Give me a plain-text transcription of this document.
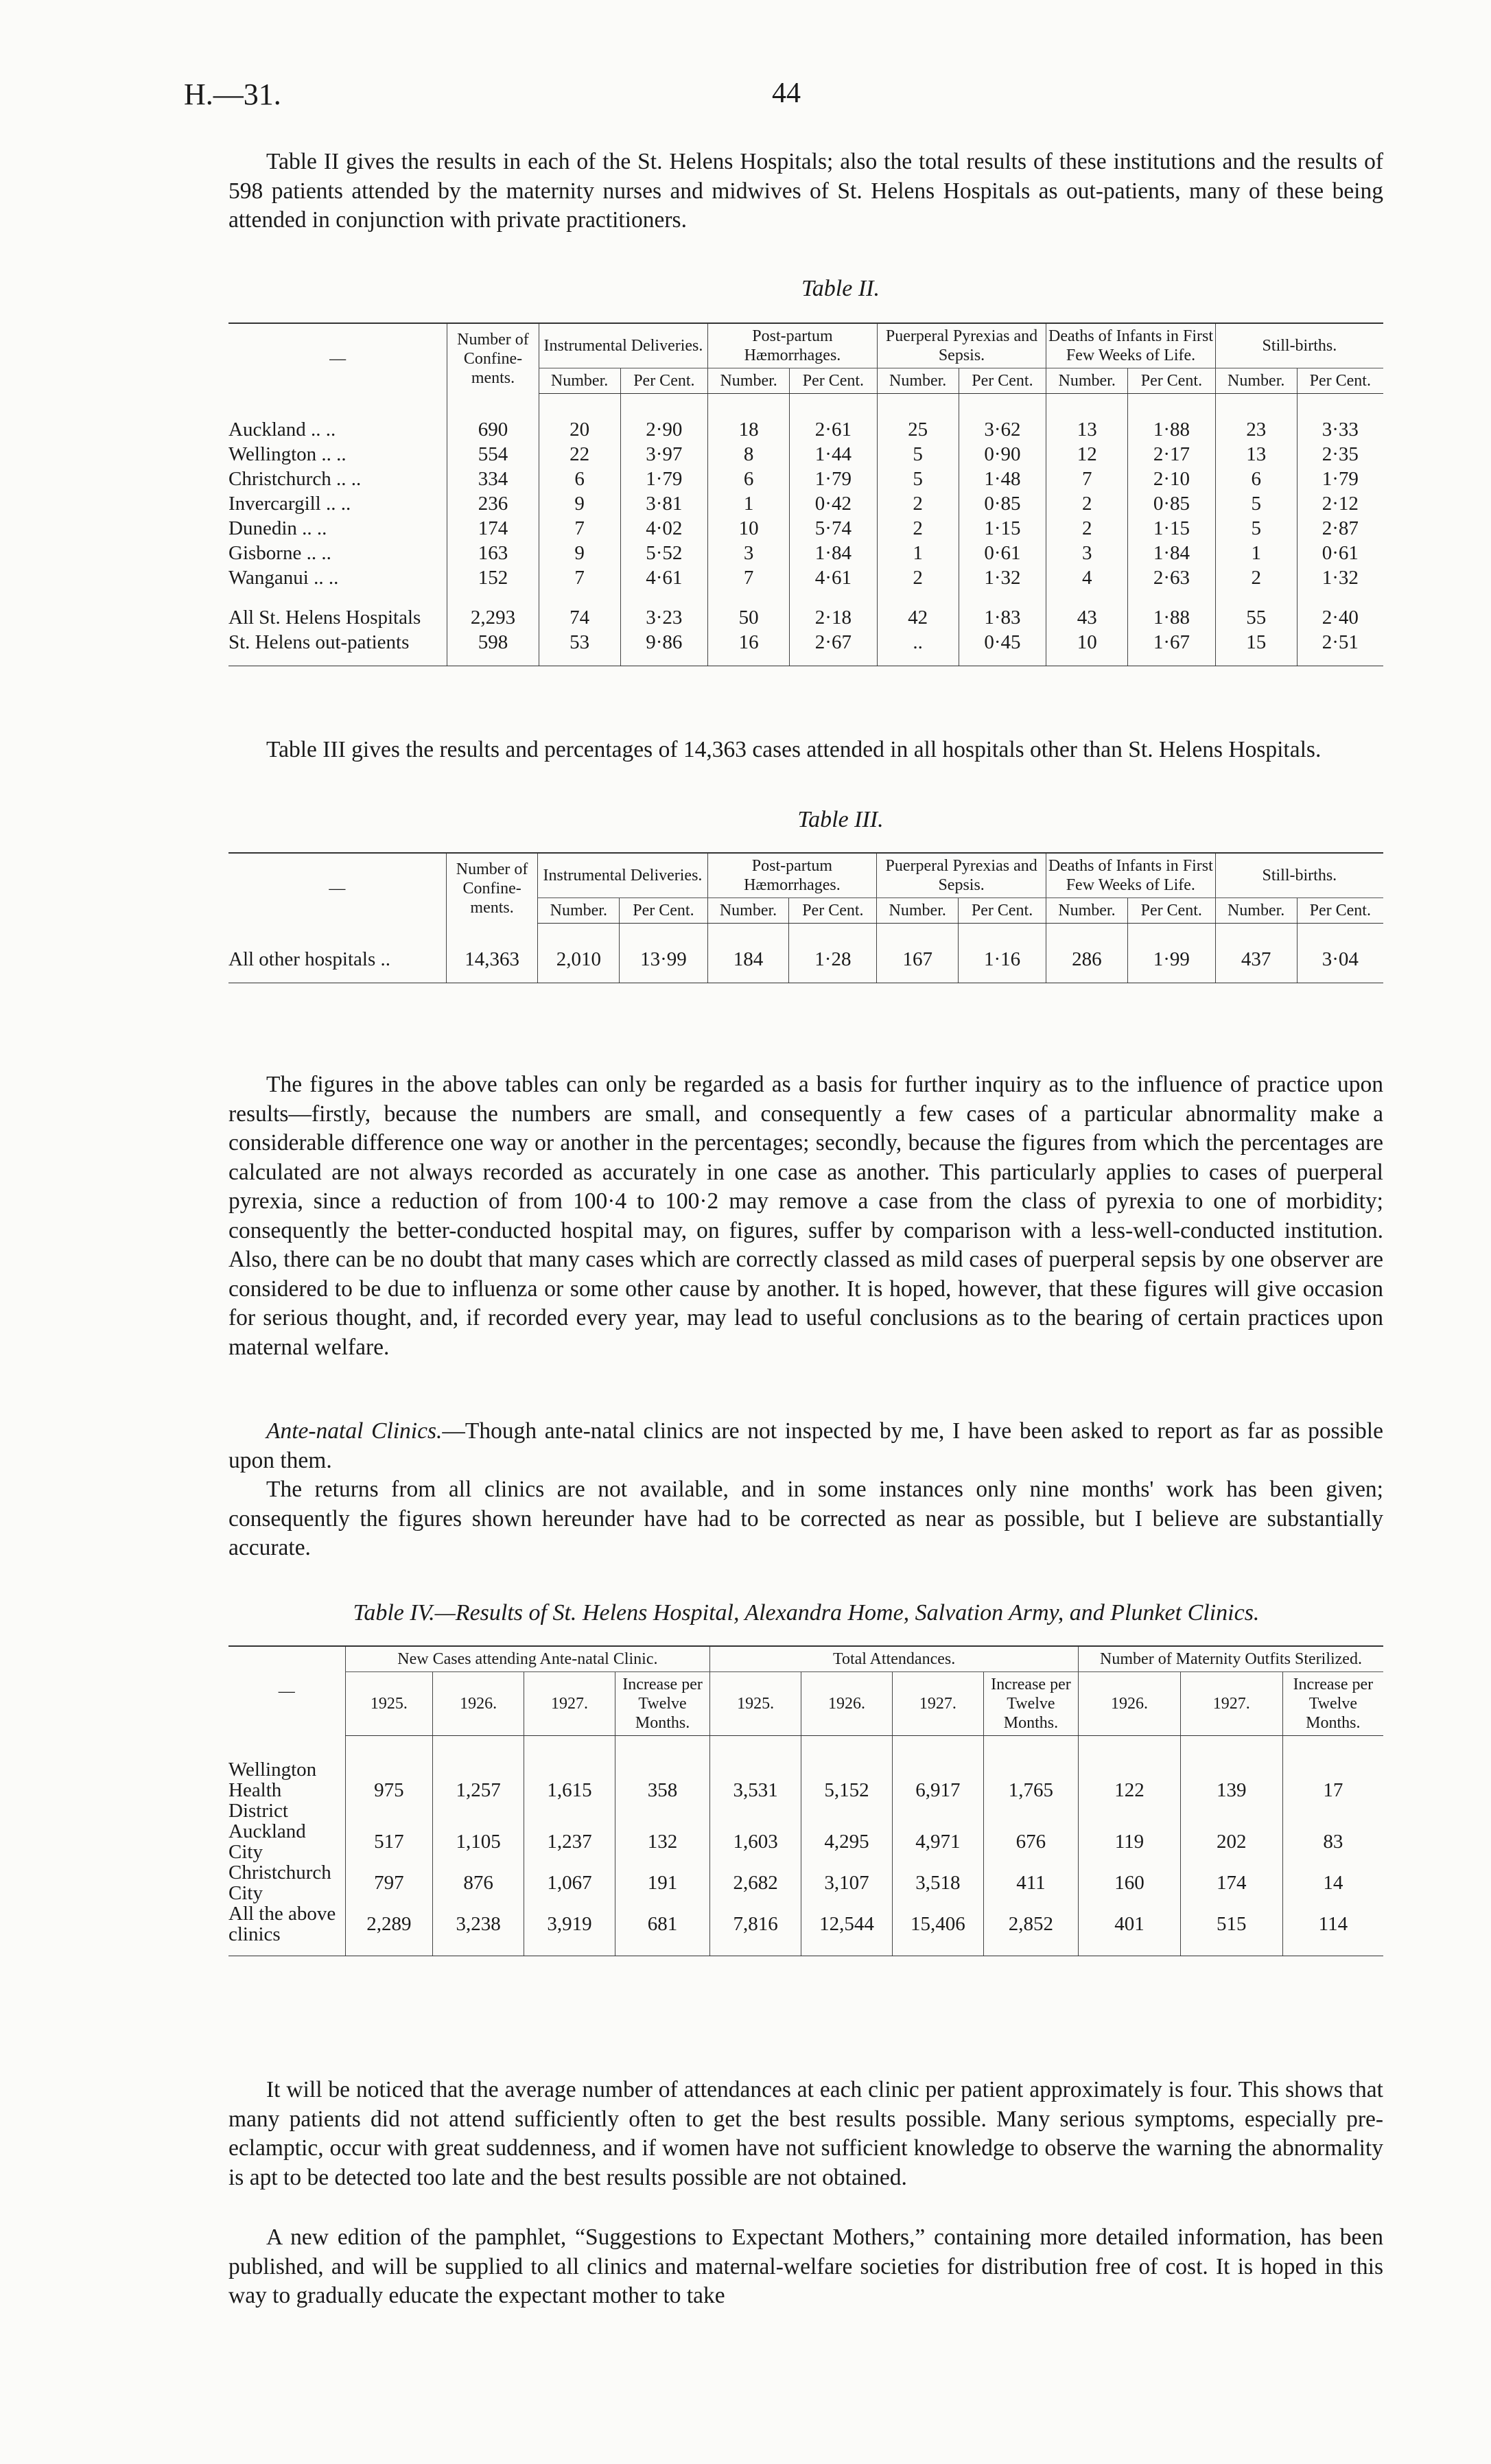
H.—31.	44

Table II gives the results in each of the St. Helens Hospitals; also the total results of these institutions and the results of 598 patients attended by the maternity nurses and midwives of St. Helens Hospitals as out-patients, many of these being attended in conjunction with private practitioners.

Table II.
—	Number of Confine-ments.	Instrumental Deliveries.		Post-partum Hæmorrhages.		Puerperal Pyrexias and Sepsis.		Deaths of Infants in First Few Weeks of Life.		Still-births.	
		Number.	Per Cent.	Number.	Per Cent.	Number.	Per Cent.	Number.	Per Cent.	Number.	Per Cent.
Auckland .. ..	690	20	2·90	18	2·61	25	3·62	13	1·88	23	3·33
Wellington .. ..	554	22	3·97	8	1·44	5	0·90	12	2·17	13	2·35
Christchurch .. ..	334	6	1·79	6	1·79	5	1·48	7	2·10	6	1·79
Invercargill .. ..	236	9	3·81	1	0·42	2	0·85	2	0·85	5	2·12
Dunedin .. ..	174	7	4·02	10	5·74	2	1·15	2	1·15	5	2·87
Gisborne .. ..	163	9	5·52	3	1·84	1	0·61	3	1·84	1	0·61
Wanganui .. ..	152	7	4·61	7	4·61	2	1·32	4	2·63	2	1·32
All St. Helens Hospitals	2,293	74	3·23	50	2·18	42	1·83	43	1·88	55	2·40
St. Helens out-patients	598	53	9·86	16	2·67	..	0·45	10	1·67	15	2·51

Table III gives the results and percentages of 14,363 cases attended in all hospitals other than St. Helens Hospitals.

Table III.
—	Number of Confine-ments.	Instrumental Deliveries.		Post-partum Hæmorrhages.		Puerperal Pyrexias and Sepsis.		Deaths of Infants in First Few Weeks of Life.		Still-births.	
		Number.	Per Cent.	Number.	Per Cent.	Number.	Per Cent.	Number.	Per Cent.	Number.	Per Cent.
All other hospitals ..	14,363	2,010	13·99	184	1·28	167	1·16	286	1·99	437	3·04

The figures in the above tables can only be regarded as a basis for further inquiry as to the influence of practice upon results—firstly, because the numbers are small, and consequently a few cases of a particular abnormality make a considerable difference one way or another in the percentages; secondly, because the figures from which the percentages are calculated are not always recorded as accurately in one case as another. This particularly applies to cases of puerperal pyrexia, since a reduction of from 100·4 to 100·2 may remove a case from the class of pyrexia to one of morbidity; consequently the better-conducted hospital may, on figures, suffer by comparison with a less-well-conducted institution. Also, there can be no doubt that many cases which are correctly classed as mild cases of puerperal sepsis by one observer are considered to be due to influenza or some other cause by another. It is hoped, however, that these figures will give occasion for serious thought, and, if recorded every year, may lead to useful conclusions as to the bearing of certain practices upon maternal welfare.

Ante-natal Clinics.—Though ante-natal clinics are not inspected by me, I have been asked to report as far as possible upon them.

The returns from all clinics are not available, and in some instances only nine months' work has been given; consequently the figures shown hereunder have had to be corrected as near as possible, but I believe are substantially accurate.

Table IV.—Results of St. Helens Hospital, Alexandra Home, Salvation Army, and Plunket Clinics.
—	New Cases attending Ante-natal Clinic.				Total Attendances.				Number of Maternity Outfits Sterilized.		
	1925.	1926.	1927.	Increase per Twelve Months.	1925.	1926.	1927.	Increase per Twelve Months.	1926.	1927.	Increase per Twelve Months.
Wellington Health District	975	1,257	1,615	358	3,531	5,152	6,917	1,765	122	139	17
Auckland City	517	1,105	1,237	132	1,603	4,295	4,971	676	119	202	83
Christchurch City	797	876	1,067	191	2,682	3,107	3,518	411	160	174	14
All the above clinics	2,289	3,238	3,919	681	7,816	12,544	15,406	2,852	401	515	114

It will be noticed that the average number of attendances at each clinic per patient approximately is four. This shows that many patients did not attend sufficiently often to get the best results possible. Many serious symptoms, especially pre-eclamptic, occur with great suddenness, and if women have not sufficient knowledge to observe the warning the abnormality is apt to be detected too late and the best results possible are not obtained.

A new edition of the pamphlet, “Suggestions to Expectant Mothers,” containing more detailed information, has been published, and will be supplied to all clinics and maternal-welfare societies for distribution free of cost. It is hoped in this way to gradually educate the expectant mother to take
